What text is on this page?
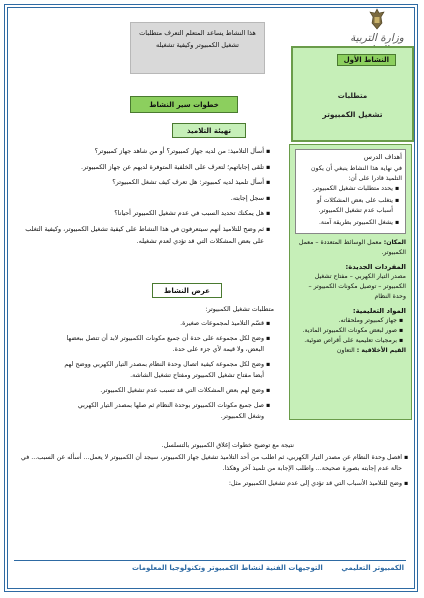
وزارة التربية
هذا النشاط يساعد المتعلم التعرف متطلبات تشغيل الكمبيوتر وكيفية تشغيله
النشاط الأول
متطلبات
تشغيل الكمبيوتر
خطوات سير النشاط
تهيئة التلاميذ
• أسأل التلاميذ: من لديه جهاز كمبيوتر؟ أو من شاهد جهاز كمبيوتر؟
• تلقى إجاباتهم؛ لتعرف على الخلفية المتوفرة لديهم عن جهاز الكمبيوتر.
• أسأل تلميذ لديه كمبيوتر: هل تعرف كيف تشغل الكمبيوتر؟
• سجل إجابته.
• هل يمكنك تحديد السبب في عدم تشغيل الكمبيوتر أحيانا؟
• ثم وضح للتلاميذ أنهم سيتعرفون في هذا النشاط على كيفية تشغيل الكمبيوتر، وكيفية التغلب على بعض المشكلات التي قد تؤدي لعدم تشغيله.
عرض النشاط
متطلبات تشغيل الكمبيوتر:
• قسّم التلاميذ لمجموعات صغيرة.
• وضح لكل مجموعة على حدة أن جميع مكونات الكمبيوتر لابد أن تتصل ببعضها البعض، ولا قيمة لأي جزء على حدة.
• وضح لكل مجموعة كيفية اتصال وحدة النظام بمصدر التيار الكهربي ووضح لهم أيضا مفتاح تشغيل الكمبيوتر ومفتاح تشغيل الشاشة.
• وضح لهم بعض المشكلات التي قد تسبب عدم تشغيل الكمبيوتر.
• صل جميع مكونات الكمبيوتر بوحدة النظام ثم صلها بمصدر التيار الكهربي وشغل الكمبيوتر.
أهداف الدرس
في نهاية هذا النشاط ينبغي أن يكون التلميذ قادرا على أن:
• يحدد متطلبات تشغيل الكمبيوتر.
• يتغلب على بعض المشكلات أو أسباب عدم تشغيل الكمبيوتر.
• يشغل الكمبيوتر بطريقة آمنة.
المكان: معمل الوسائط المتعددة – معمل الكمبيوتر.
المفردات الجديدة:
مصدر التيار الكهربي – مفتاح تشغيل الكمبيوتر – توصيل مكونات الكمبيوتر – وحدة النظام
المواد التعليمية:
• جهاز كمبيوتر وملحقاته.
• صور لبعض مكونات الكمبيوتر المادية.
• برمجيات تعليمية على أقراص ضوئية.
القيم الأخلاقية : التعاون
نتيجة مع توضيح خطوات إغلاق الكمبيوتر بالتسلسل.
• افصل وحدة النظام عن مصدر التيار الكهربي، ثم اطلب من أحد التلاميذ تشغيل جهاز الكمبيوتر، سيجد أن الكمبيوتر لا يعمل... أسأله عن السبب... في حالة عدم إجابته بصورة صحيحة... واطلب الإجابة من تلميذ آخر وهكذا.
• وضح للتلاميذ الأسباب التي قد تؤدي إلى عدم تشغيل الكمبيوتر مثل:
الكمبيوتر التعليمي
التوجيهات الفنية لنشاط الكمبيوتر وتكنولوجيا المعلومات
